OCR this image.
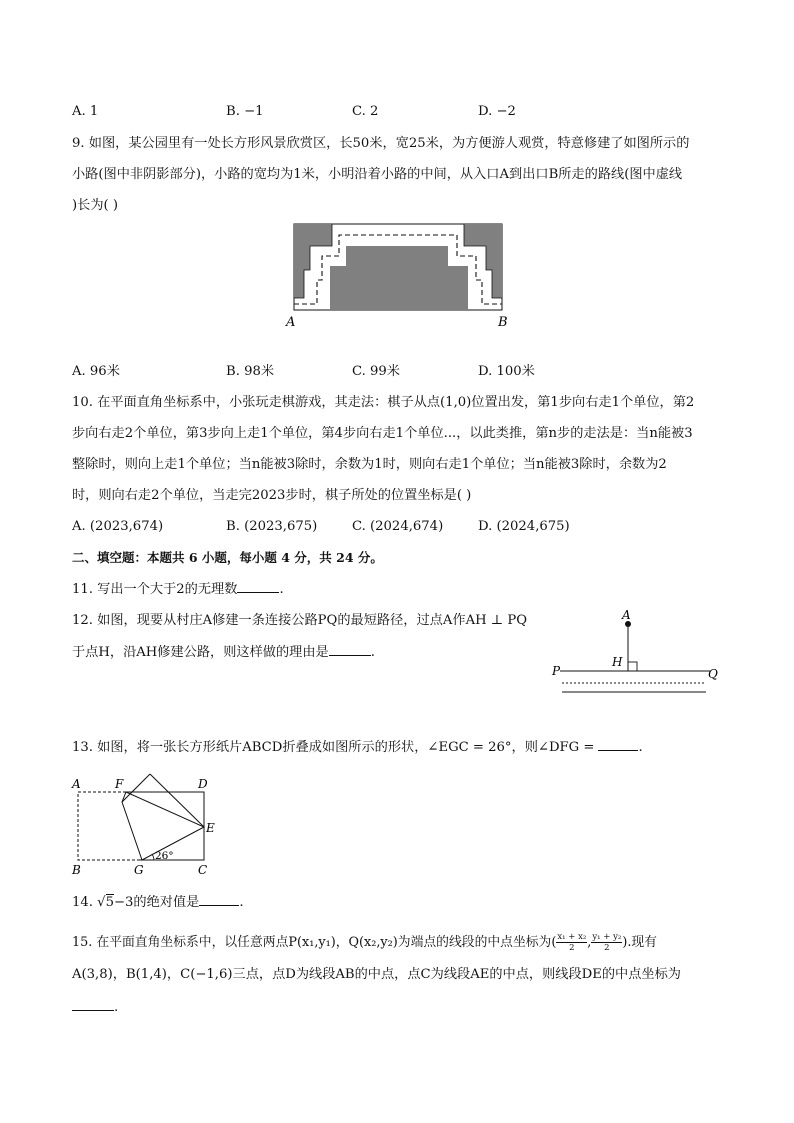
A. 1	B. −1	C. 2	D. −2
9. 如图，某公园里有一处长方形风景欣赏区，长50米，宽25米，为方便游人观赏，特意修建了如图所示的
小路(图中非阴影部分)，小路的宽均为1米，小明沿着小路的中间，从入口A到出口B所走的路线(图中虚线
)长为( )
A	B
A. 96米	B. 98米	C. 99米	D. 100米
10. 在平面直角坐标系中，小张玩走棋游戏，其走法：棋子从点(1,0)位置出发，第1步向右走1个单位，第2
步向右走2个单位，第3步向上走1个单位，第4步向右走1个单位...，以此类推，第n步的走法是：当n能被3
整除时，则向上走1个单位；当n能被3除时，余数为1时，则向右走1个单位；当n能被3除时，余数为2
时，则向右走2个单位，当走完2023步时，棋子所处的位置坐标是( )
A. (2023,674)	B. (2023,675)	C. (2024,674)	D. (2024,675)
二、填空题：本题共 6 小题，每小题 4 分，共 24 分。
11. 写出一个大于2的无理数	.
12. 如图，现要从村庄A修建一条连接公路PQ的最短路径，过点A作AH ⊥ PQ
于点H，沿AH修建公路，则这样做的理由是	.
A
H
P	Q
13. 如图，将一张长方形纸片ABCD折叠成如图所示的形状，∠EGC = 26°，则∠DFG =	.
A	F	D
E
B	G	C
26°
14. √5−3的绝对值是	.
15. 在平面直角坐标系中，以任意两点P(x₁,y₁)，Q(x₂,y₂)为端点的线段的中点坐标为( $\frac{\text{x₁ + x₂}}{2}$ , $\frac{\text{y₁ + y₂}}{2}$ ).现有
A(3,8)，B(1,4)，C(−1,6)三点，点D为线段AB的中点，点C为线段AE的中点，则线段DE的中点坐标为
.
